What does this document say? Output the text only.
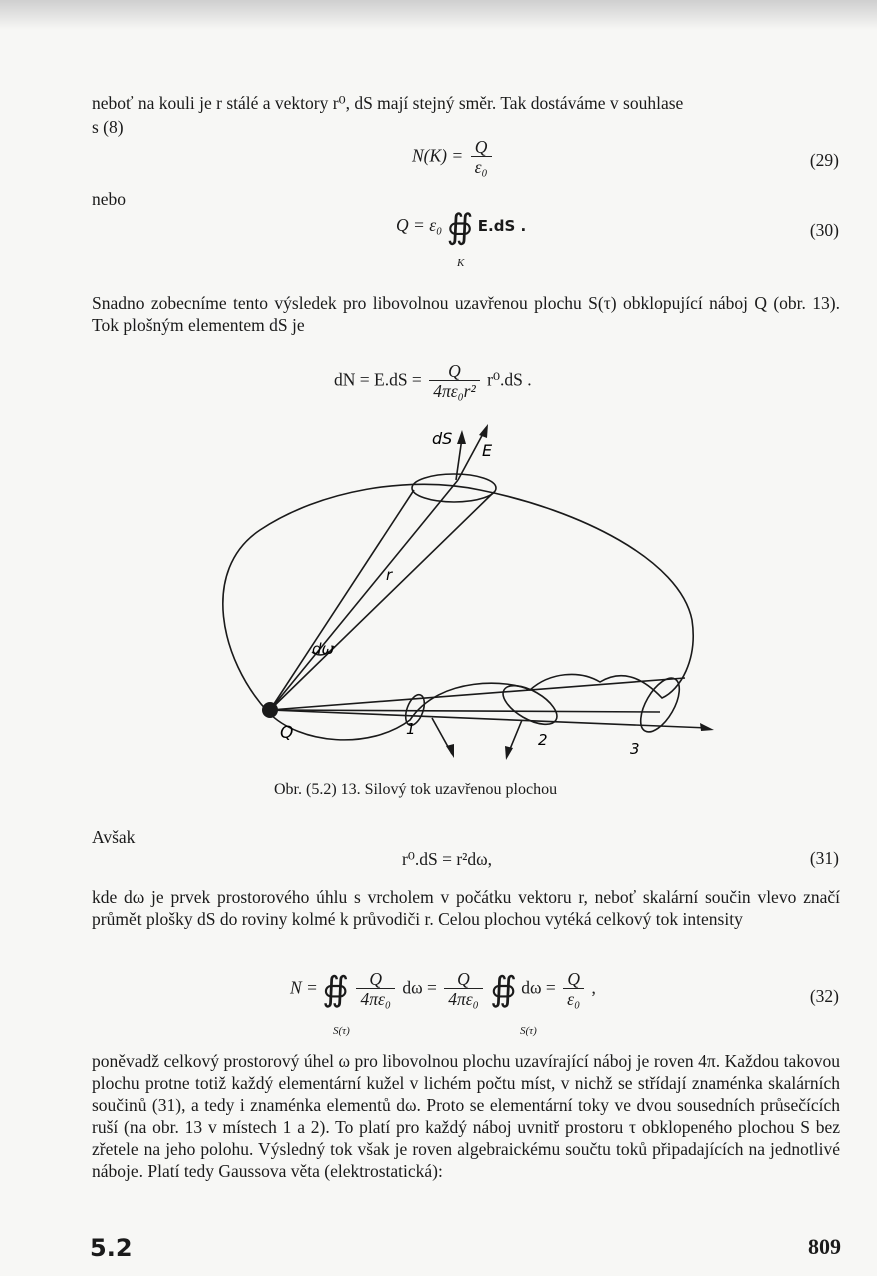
neboť na kouli je r stálé a vektory r⁰, dS mají stejný směr. Tak dostáváme v souhlase
s (8)
$N(K) = \frac{Q}{\text{ε₀}}$	(29)
nebo
Q = ε₀ ∯ E.dS .
K
(30)
Snadno zobecníme tento výsledek pro libovolnou uzavřenou plochu S(τ) obklopující náboj Q (obr. 13). Tok plošným elementem dS je
dN = $E.dS = \frac{Q}{\text{4πε₀r²}} r^0.dS$ .
dS
E
r
dω
Q	1
2	3
Obr. (5.2) 13. Silový tok uzavřenou plochou
Avšak
r⁰.dS = r²dω,	(31)
kde dω je prvek prostorového úhlu s vrcholem v počátku vektoru r, neboť skalární součin vlevo značí průmět plošky dS do roviny kolmé k průvodiči r. Celou plochou vytéká celkový tok intensity
N = ∯ $\frac{Q}{\text{4πε₀}}$ $d\omega = \frac{Q}{\text{4πε₀}}$ ∯ $d\omega = \frac{Q}{\text{ε₀}}$ ,
S(τ)	S(τ)
(32)
poněvadž celkový prostorový úhel ω pro libovolnou plochu uzavírající náboj je roven 4π. Každou takovou plochu protne totiž každý elementární kužel v lichém počtu míst, v nichž se střídají znaménka skalárních součinů (31), a tedy i znaménka elementů dω. Proto se elementární toky ve dvou sousedních průsečících ruší (na obr. 13 v místech 1 a 2). To platí pro každý náboj uvnitř prostoru τ obklopeného plochou S bez zřetele na jeho polohu. Výsledný tok však je roven algebraickému součtu toků připadajících na jednotlivé náboje. Platí tedy Gaussova věta (elektrostatická):
5.2	809
